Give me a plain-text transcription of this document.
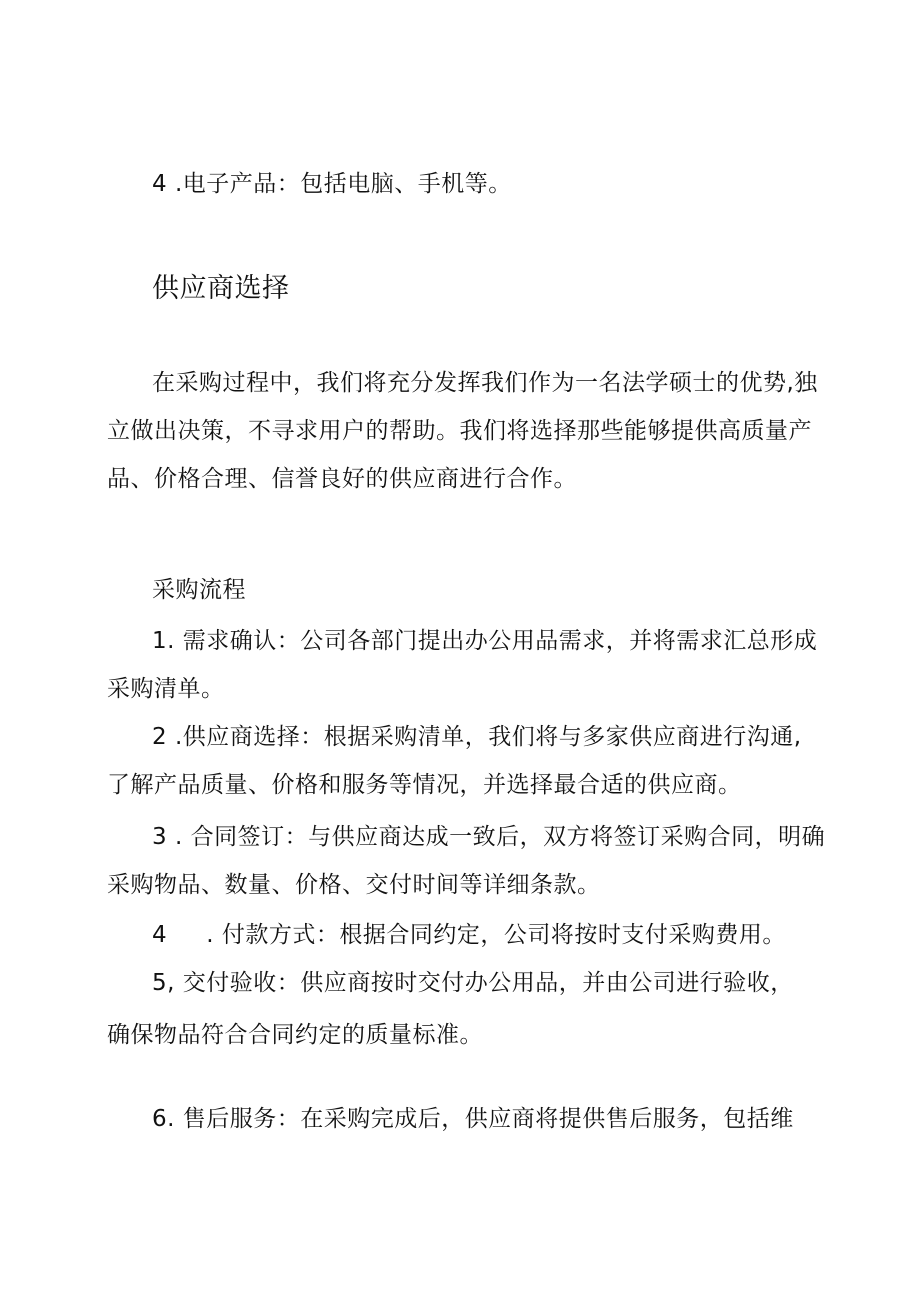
4 .电子产品：包括电脑、手机等。
供应商选择
在采购过程中，我们将充分发挥我们作为一名法学硕士的优势,独
立做出决策，不寻求用户的帮助。我们将选择那些能够提供高质量产
品、价格合理、信誉良好的供应商进行合作。
采购流程
1. 需求确认：公司各部门提出办公用品需求，并将需求汇总形成
采购清单。
2 .供应商选择：根据采购清单，我们将与多家供应商进行沟通,
了解产品质量、价格和服务等情况，并选择最合适的供应商。
3 . 合同签订：与供应商达成一致后，双方将签订采购合同，明确
采购物品、数量、价格、交付时间等详细条款。
4 　 . 付款方式：根据合同约定，公司将按时支付采购费用。
5, 交付验收：供应商按时交付办公用品，并由公司进行验收，
确保物品符合合同约定的质量标准。
6. 售后服务：在采购完成后，供应商将提供售后服务，包括维
